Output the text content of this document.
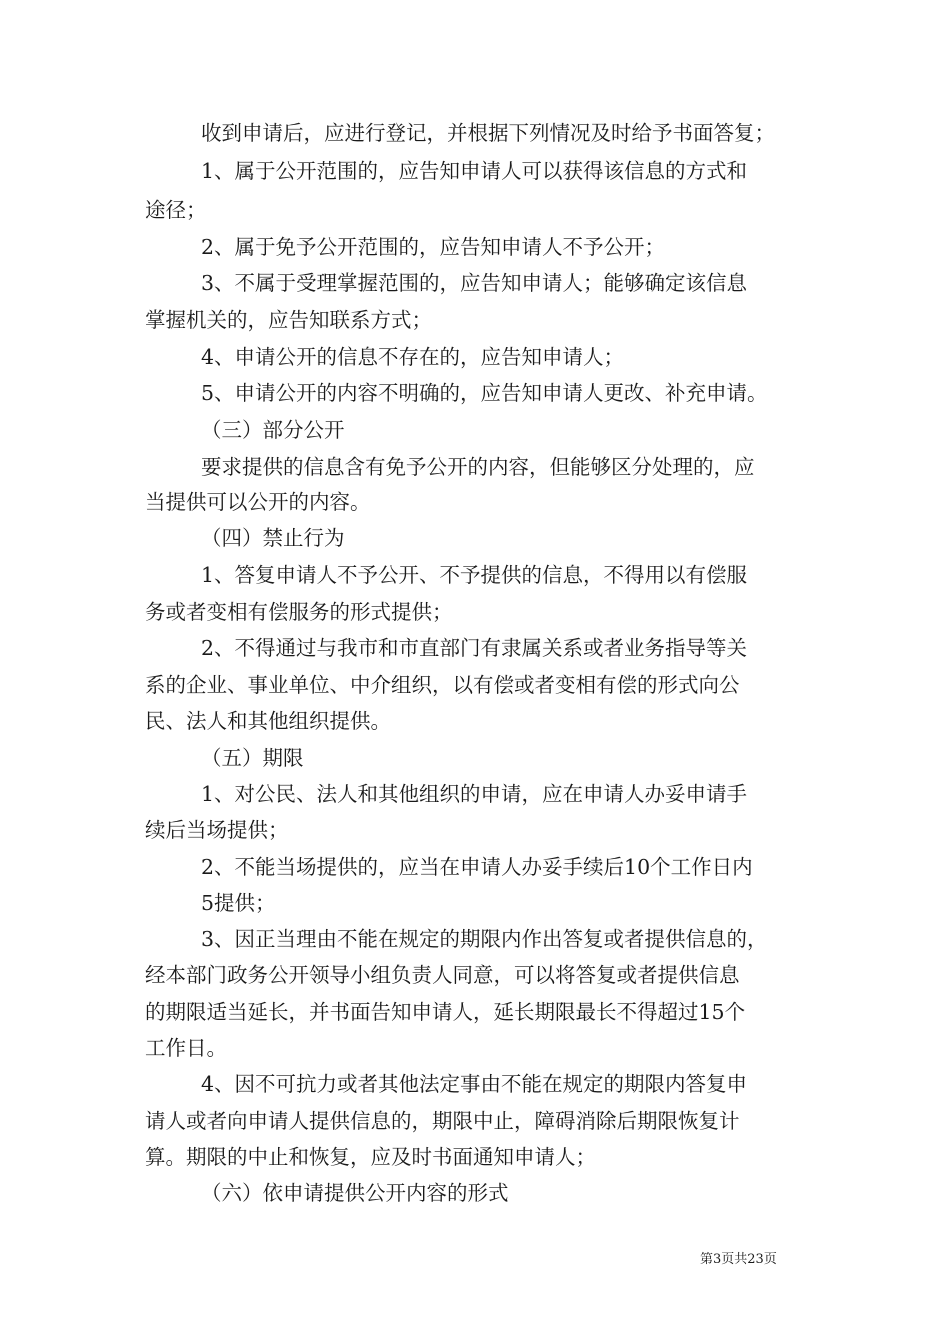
收到申请后，应进行登记，并根据下列情况及时给予书面答复；
1、属于公开范围的，应告知申请人可以获得该信息的方式和
途径；
2、属于免予公开范围的，应告知申请人不予公开；
3、不属于受理掌握范围的，应告知申请人；能够确定该信息
掌握机关的，应告知联系方式；
4、申请公开的信息不存在的，应告知申请人；
5、申请公开的内容不明确的，应告知申请人更改、补充申请。
（三）部分公开
要求提供的信息含有免予公开的内容，但能够区分处理的，应
当提供可以公开的内容。
（四）禁止行为
1、答复申请人不予公开、不予提供的信息，不得用以有偿服
务或者变相有偿服务的形式提供；
2、不得通过与我市和市直部门有隶属关系或者业务指导等关
系的企业、事业单位、中介组织，以有偿或者变相有偿的形式向公
民、法人和其他组织提供。
（五）期限
1、对公民、法人和其他组织的申请，应在申请人办妥申请手
续后当场提供；
2、不能当场提供的，应当在申请人办妥手续后10个工作日内
5提供；
3、因正当理由不能在规定的期限内作出答复或者提供信息的，
经本部门政务公开领导小组负责人同意，可以将答复或者提供信息
的期限适当延长，并书面告知申请人，延长期限最长不得超过15个
工作日。
4、因不可抗力或者其他法定事由不能在规定的期限内答复申
请人或者向申请人提供信息的，期限中止，障碍消除后期限恢复计
算。期限的中止和恢复，应及时书面通知申请人；
（六）依申请提供公开内容的形式
第3页共23页
